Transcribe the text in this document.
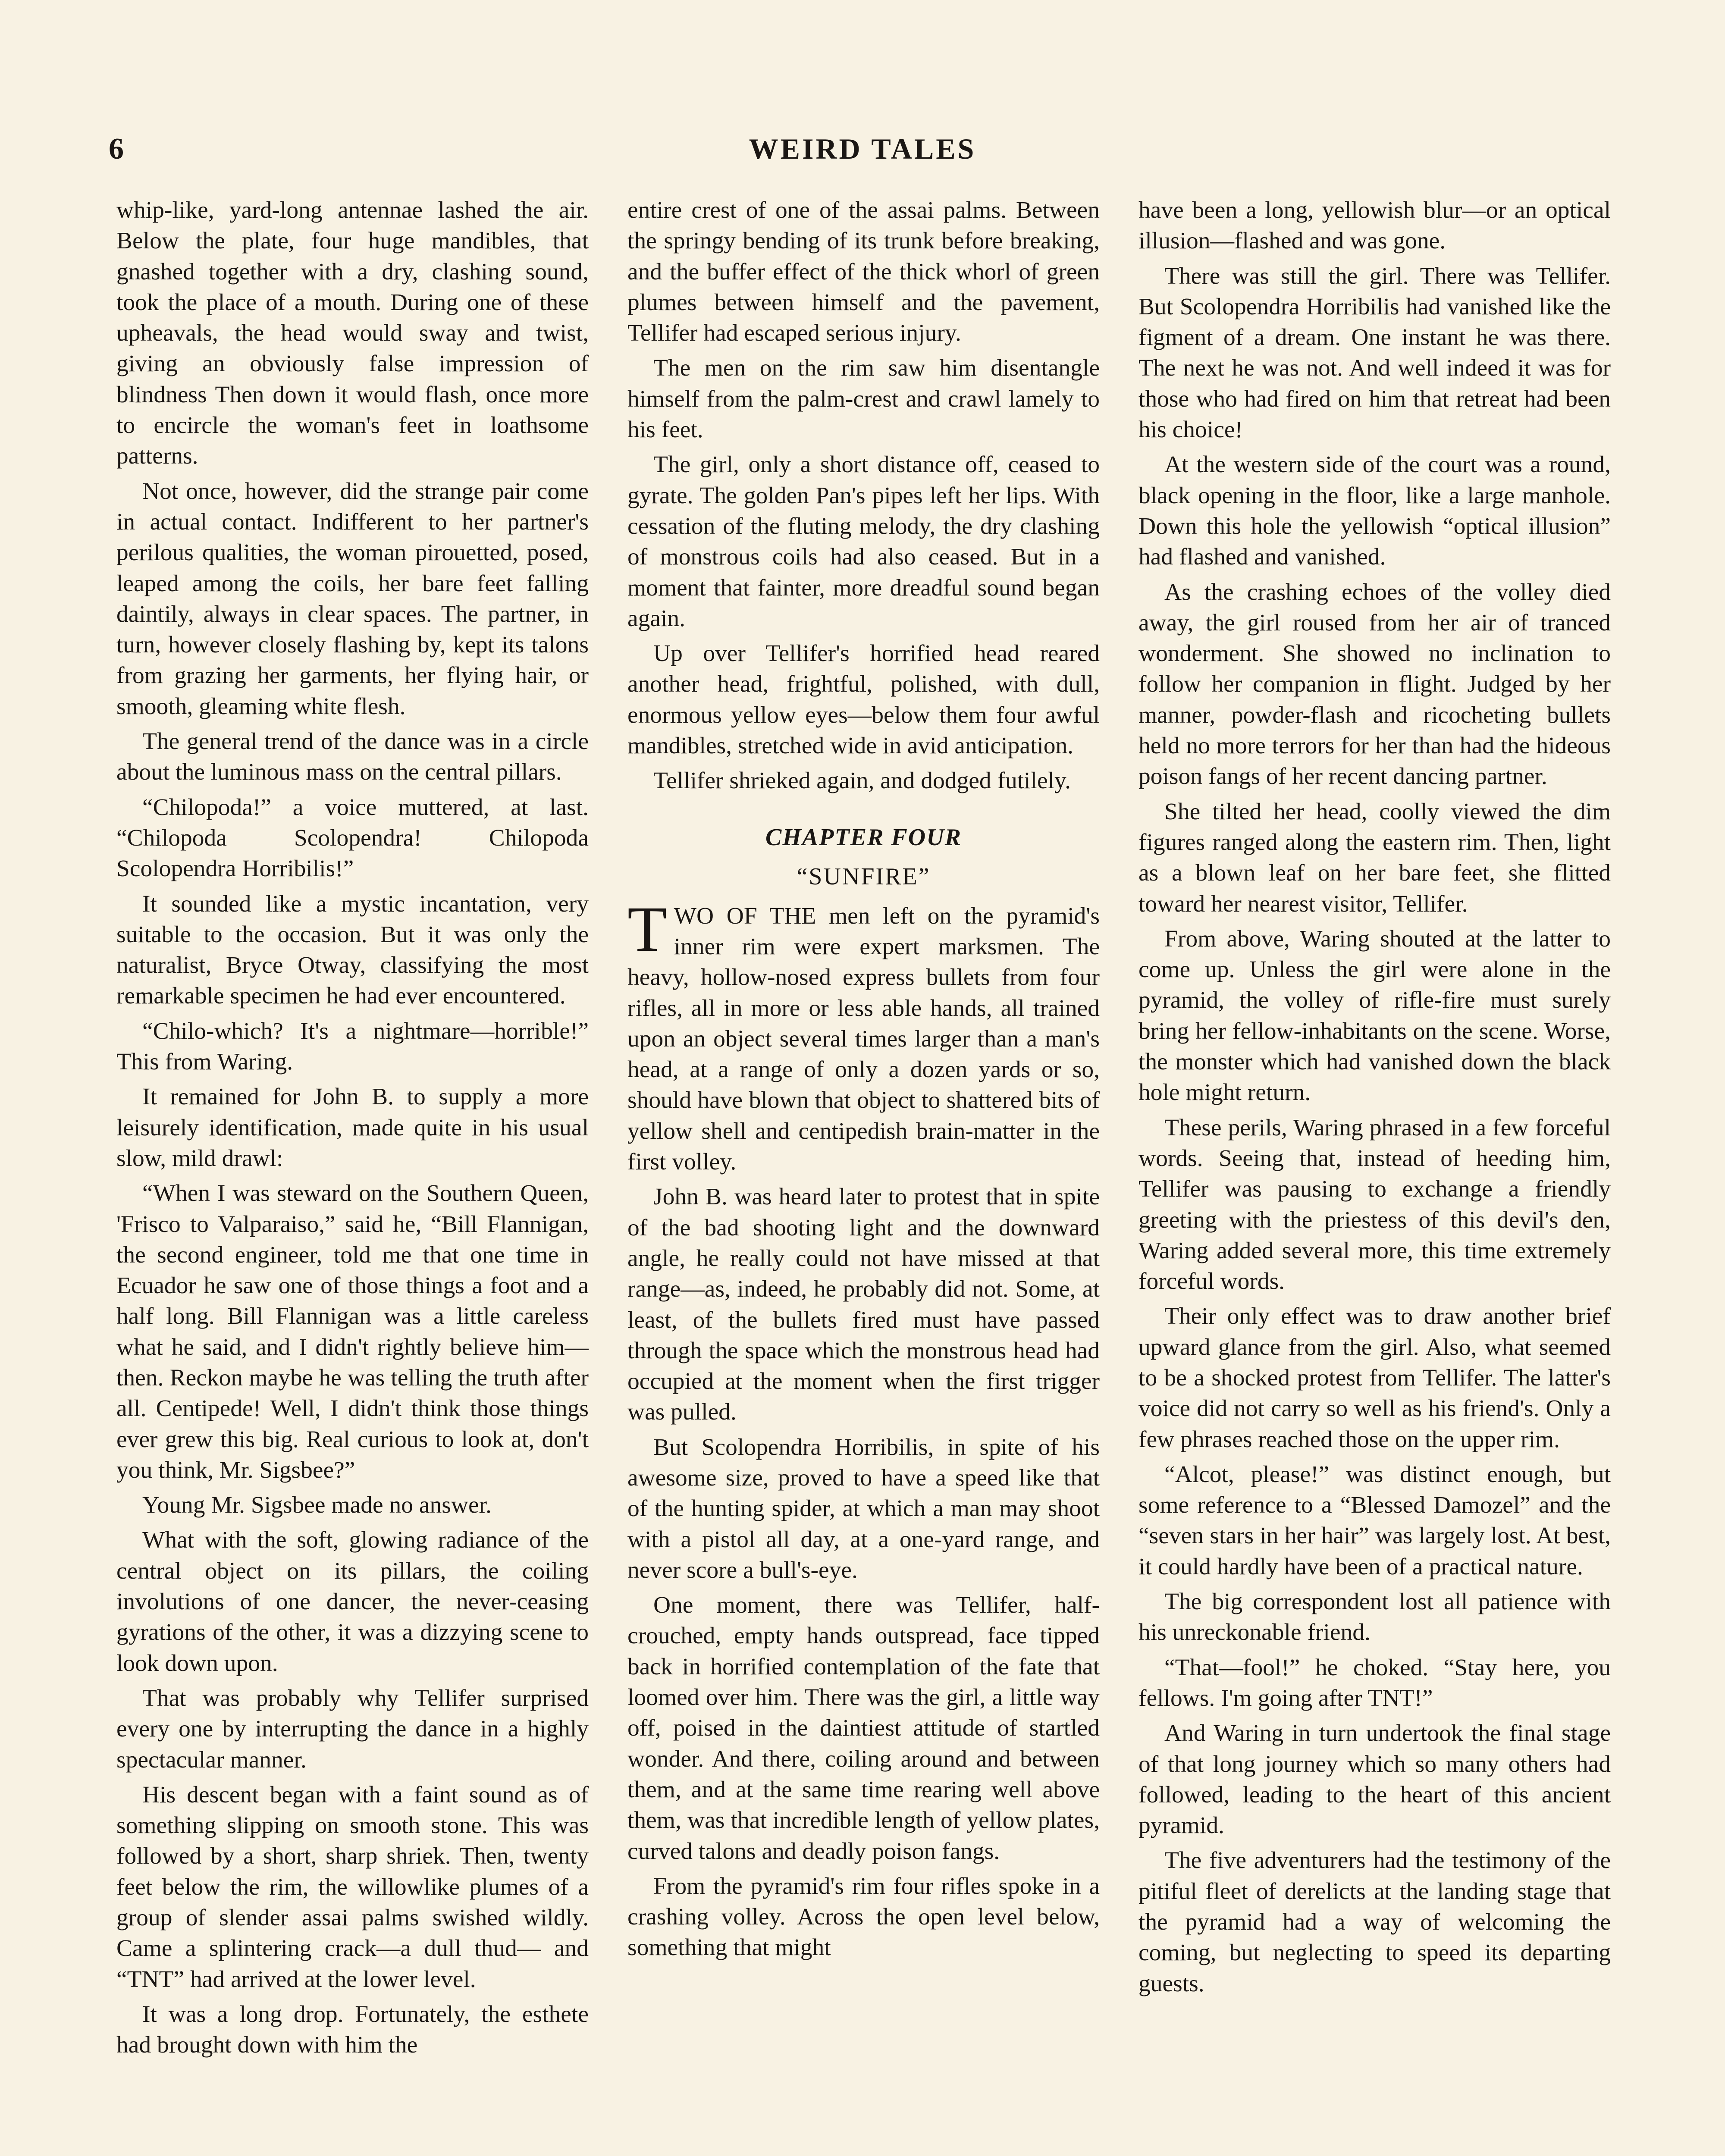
6	WEIRD TALES

whip-like, yard-long antennae lashed the air. Below the plate, four huge mandibles, that gnashed together with a dry, clashing sound, took the place of a mouth. During one of these upheavals, the head would sway and twist, giving an obviously false impression of blindness Then down it would flash, once more to encircle the woman's feet in loathsome patterns.

Not once, however, did the strange pair come in actual contact. Indifferent to her partner's perilous qualities, the woman pirouetted, posed, leaped among the coils, her bare feet falling daintily, always in clear spaces. The partner, in turn, however closely flashing by, kept its talons from grazing her garments, her flying hair, or smooth, gleaming white flesh.

The general trend of the dance was in a circle about the luminous mass on the central pillars.

“Chilopoda!” a voice muttered, at last. “Chilopoda Scolopendra! Chilopoda Scolopendra Horribilis!”

It sounded like a mystic incantation, very suitable to the occasion. But it was only the naturalist, Bryce Otway, classifying the most remarkable specimen he had ever encountered.

“Chilo-which? It's a nightmare—horrible!” This from Waring.

It remained for John B. to supply a more leisurely identification, made quite in his usual slow, mild drawl:

“When I was steward on the Southern Queen, 'Frisco to Valparaiso,” said he, “Bill Flannigan, the second engineer, told me that one time in Ecuador he saw one of those things a foot and a half long. Bill Flannigan was a little careless what he said, and I didn't rightly believe him—then. Reckon maybe he was telling the truth after all. Centipede! Well, I didn't think those things ever grew this big. Real curious to look at, don't you think, Mr. Sigsbee?”

Young Mr. Sigsbee made no answer.

What with the soft, glowing radiance of the central object on its pillars, the coiling involutions of one dancer, the never-ceasing gyrations of the other, it was a dizzying scene to look down upon.

That was probably why Tellifer surprised every one by interrupting the dance in a highly spectacular manner.

His descent began with a faint sound as of something slipping on smooth stone. This was followed by a short, sharp shriek. Then, twenty feet below the rim, the willowlike plumes of a group of slender assai palms swished wildly. Came a splintering crack—a dull thud— and “TNT” had arrived at the lower level.

It was a long drop. Fortunately, the esthete had brought down with him the

entire crest of one of the assai palms. Between the springy bending of its trunk before breaking, and the buffer effect of the thick whorl of green plumes between himself and the pavement, Tellifer had escaped serious injury.

The men on the rim saw him disentangle himself from the palm-crest and crawl lamely to his feet.

The girl, only a short distance off, ceased to gyrate. The golden Pan's pipes left her lips. With cessation of the fluting melody, the dry clashing of monstrous coils had also ceased. But in a moment that fainter, more dreadful sound began again.

Up over Tellifer's horrified head reared another head, frightful, polished, with dull, enormous yellow eyes—below them four awful mandibles, stretched wide in avid anticipation.

Tellifer shrieked again, and dodged futilely.

CHAPTER FOUR
“SUNFIRE”

TWO OF THE men left on the pyramid's inner rim were expert marksmen. The heavy, hollow-nosed express bullets from four rifles, all in more or less able hands, all trained upon an object several times larger than a man's head, at a range of only a dozen yards or so, should have blown that object to shattered bits of yellow shell and centipedish brain-matter in the first volley.

John B. was heard later to protest that in spite of the bad shooting light and the downward angle, he really could not have missed at that range—as, indeed, he probably did not. Some, at least, of the bullets fired must have passed through the space which the monstrous head had occupied at the moment when the first trigger was pulled.

But Scolopendra Horribilis, in spite of his awesome size, proved to have a speed like that of the hunting spider, at which a man may shoot with a pistol all day, at a one-yard range, and never score a bull's-eye.

One moment, there was Tellifer, half-crouched, empty hands outspread, face tipped back in horrified contemplation of the fate that loomed over him. There was the girl, a little way off, poised in the daintiest attitude of startled wonder. And there, coiling around and between them, and at the same time rearing well above them, was that incredible length of yellow plates, curved talons and deadly poison fangs.

From the pyramid's rim four rifles spoke in a crashing volley. Across the open level below, something that might

have been a long, yellowish blur—or an optical illusion—flashed and was gone.

There was still the girl. There was Tellifer. But Scolopendra Horribilis had vanished like the figment of a dream. One instant he was there. The next he was not. And well indeed it was for those who had fired on him that retreat had been his choice!

At the western side of the court was a round, black opening in the floor, like a large manhole. Down this hole the yellowish “optical illusion” had flashed and vanished.

As the crashing echoes of the volley died away, the girl roused from her air of tranced wonderment. She showed no inclination to follow her companion in flight. Judged by her manner, powder-flash and ricocheting bullets held no more terrors for her than had the hideous poison fangs of her recent dancing partner.

She tilted her head, coolly viewed the dim figures ranged along the eastern rim. Then, light as a blown leaf on her bare feet, she flitted toward her nearest visitor, Tellifer.

From above, Waring shouted at the latter to come up. Unless the girl were alone in the pyramid, the volley of rifle-fire must surely bring her fellow-inhabitants on the scene. Worse, the monster which had vanished down the black hole might return.

These perils, Waring phrased in a few forceful words. Seeing that, instead of heeding him, Tellifer was pausing to exchange a friendly greeting with the priestess of this devil's den, Waring added several more, this time extremely forceful words.

Their only effect was to draw another brief upward glance from the girl. Also, what seemed to be a shocked protest from Tellifer. The latter's voice did not carry so well as his friend's. Only a few phrases reached those on the upper rim.

“Alcot, please!” was distinct enough, but some reference to a “Blessed Damozel” and the “seven stars in her hair” was largely lost. At best, it could hardly have been of a practical nature.

The big correspondent lost all patience with his unreckonable friend.

“That—fool!” he choked. “Stay here, you fellows. I'm going after TNT!”

And Waring in turn undertook the final stage of that long journey which so many others had followed, leading to the heart of this ancient pyramid.

The five adventurers had the testimony of the pitiful fleet of derelicts at the landing stage that the pyramid had a way of welcoming the coming, but neglecting to speed its departing guests.
